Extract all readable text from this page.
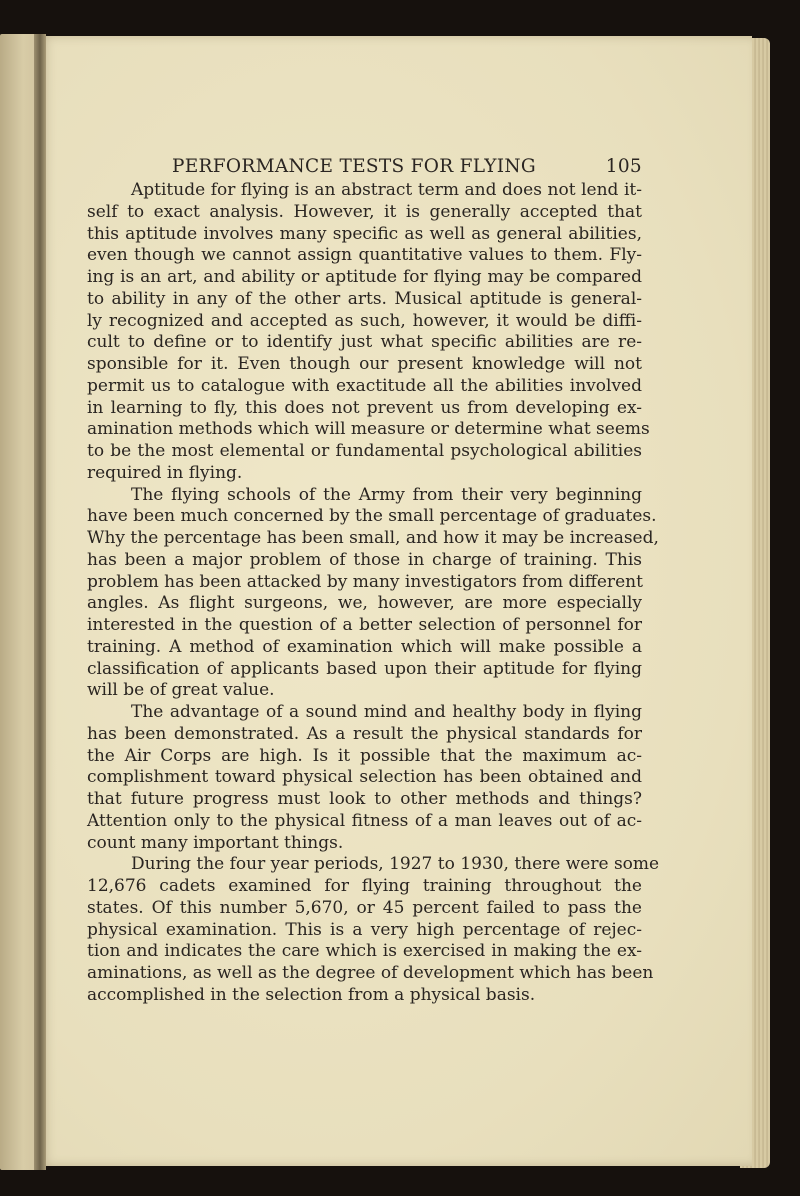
PERFORMANCE TESTS FOR FLYING	105
Aptitude for flying is an abstract term and does not lend it-
self to exact analysis. However, it is generally accepted that
this aptitude involves many specific as well as general abilities,
even though we cannot assign quantitative values to them. Fly-
ing is an art, and ability or aptitude for flying may be compared
to ability in any of the other arts. Musical aptitude is general-
ly recognized and accepted as such, however, it would be diffi-
cult to define or to identify just what specific abilities are re-
sponsible for it. Even though our present knowledge will not
permit us to catalogue with exactitude all the abilities involved
in learning to fly, this does not prevent us from developing ex-
amination methods which will measure or determine what seems
to be the most elemental or fundamental psychological abilities
required in flying.
The flying schools of the Army from their very beginning
have been much concerned by the small percentage of graduates.
Why the percentage has been small, and how it may be increased,
has been a major problem of those in charge of training. This
problem has been attacked by many investigators from different
angles. As flight surgeons, we, however, are more especially
interested in the question of a better selection of personnel for
training. A method of examination which will make possible a
classification of applicants based upon their aptitude for flying
will be of great value.
The advantage of a sound mind and healthy body in flying
has been demonstrated. As a result the physical standards for
the Air Corps are high. Is it possible that the maximum ac-
complishment toward physical selection has been obtained and
that future progress must look to other methods and things?
Attention only to the physical fitness of a man leaves out of ac-
count many important things.
During the four year periods, 1927 to 1930, there were some
12,676 cadets examined for flying training throughout the
states. Of this number 5,670, or 45 percent failed to pass the
physical examination. This is a very high percentage of rejec-
tion and indicates the care which is exercised in making the ex-
aminations, as well as the degree of development which has been
accomplished in the selection from a physical basis.
